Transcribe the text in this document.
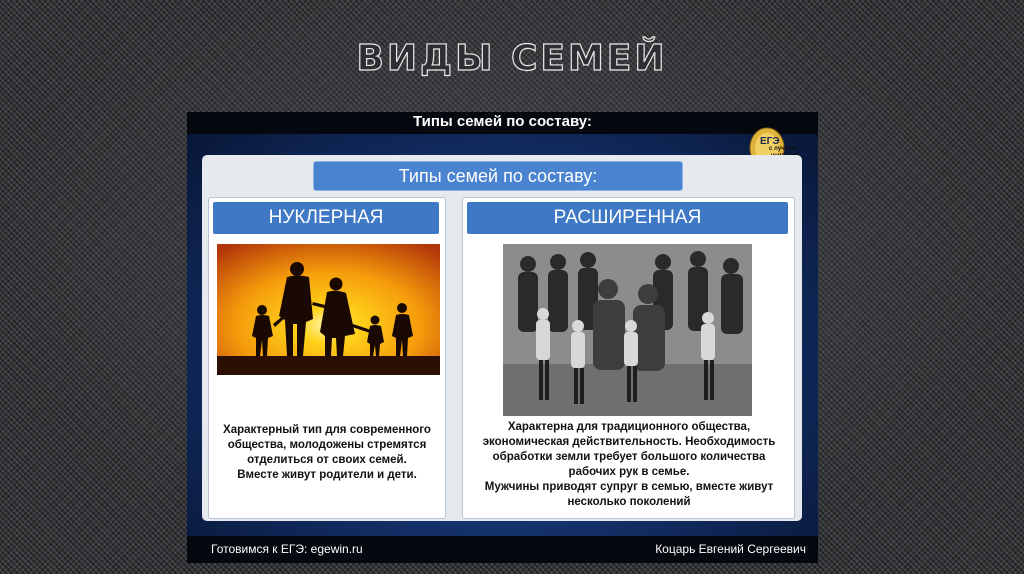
ВИДЫ СЕМЕЙ
Типы семей по составу:
ЕГЭ
с лучшим
Типы семей по составу:
НУКЛЕРНАЯ
Характерный тип для современного
общества, молодожены стремятся
отделиться от своих семей.
Вместе живут родители и дети.
РАСШИРЕННАЯ
Характерна для традиционного общества,
экономическая действительность. Необходимость
обработки земли требует большого количества
рабочих рук в семье.
Мужчины приводят супруг в семью, вместе живут
несколько поколений
Готовимся к ЕГЭ: egewin.ru	Коцарь Евгений Сергеевич
